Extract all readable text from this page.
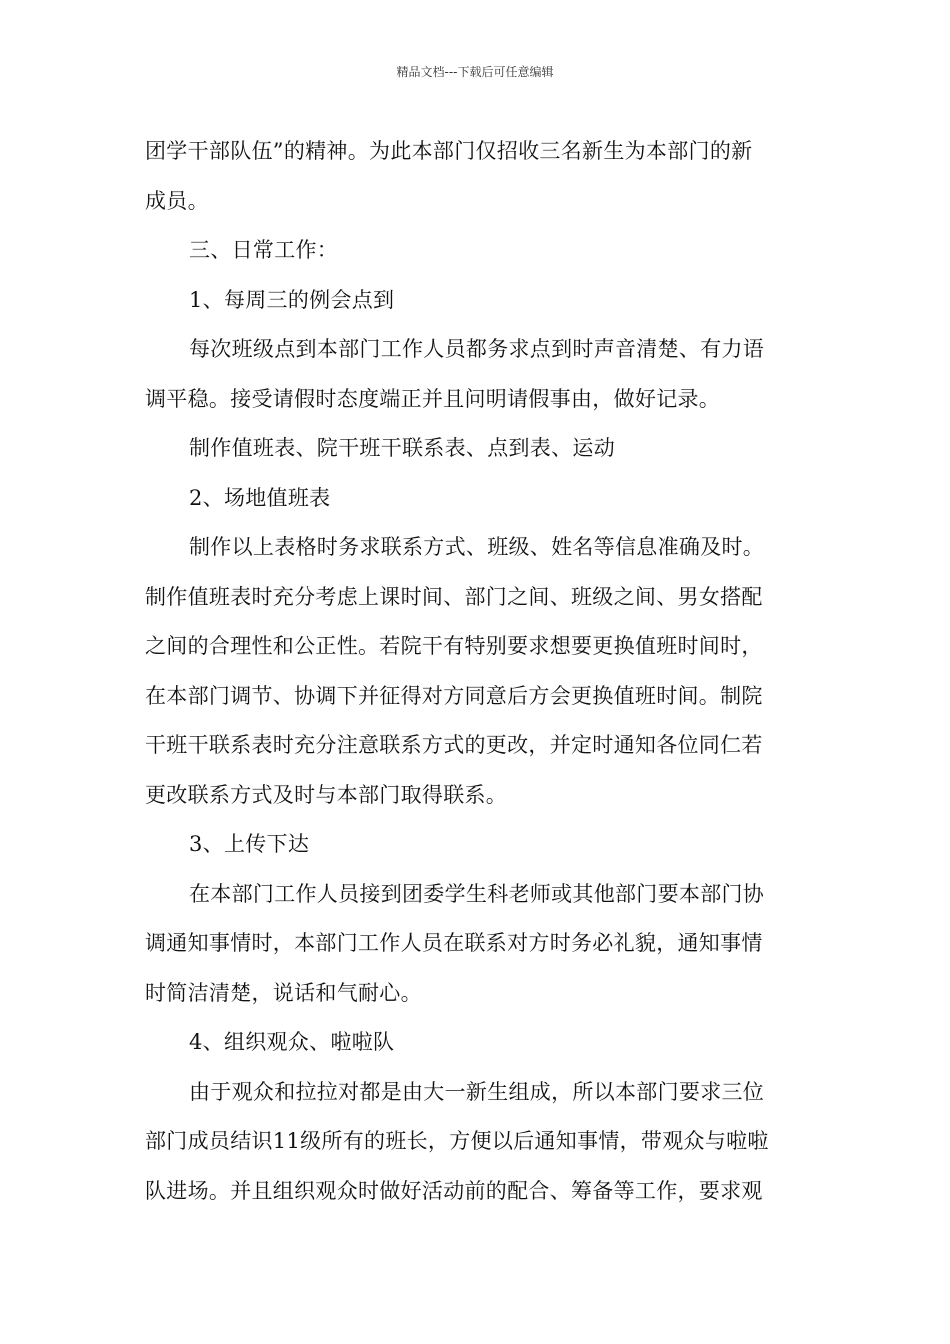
精品文档---下载后可任意编辑
团学干部队伍”的精神。为此本部门仅招收三名新生为本部门的新
成员。
三、日常工作：
1、每周三的例会点到
每次班级点到本部门工作人员都务求点到时声音清楚、有力语
调平稳。接受请假时态度端正并且问明请假事由，做好记录。
制作值班表、院干班干联系表、点到表、运动
2、场地值班表
制作以上表格时务求联系方式、班级、姓名等信息准确及时。
制作值班表时充分考虑上课时间、部门之间、班级之间、男女搭配
之间的合理性和公正性。若院干有特别要求想要更换值班时间时，
在本部门调节、协调下并征得对方同意后方会更换值班时间。制院
干班干联系表时充分注意联系方式的更改，并定时通知各位同仁若
更改联系方式及时与本部门取得联系。
3、上传下达
在本部门工作人员接到团委学生科老师或其他部门要本部门协
调通知事情时，本部门工作人员在联系对方时务必礼貌，通知事情
时简洁清楚，说话和气耐心。
4、组织观众、啦啦队
由于观众和拉拉对都是由大一新生组成，所以本部门要求三位
部门成员结识11级所有的班长，方便以后通知事情，带观众与啦啦
队进场。并且组织观众时做好活动前的配合、筹备等工作，要求观
